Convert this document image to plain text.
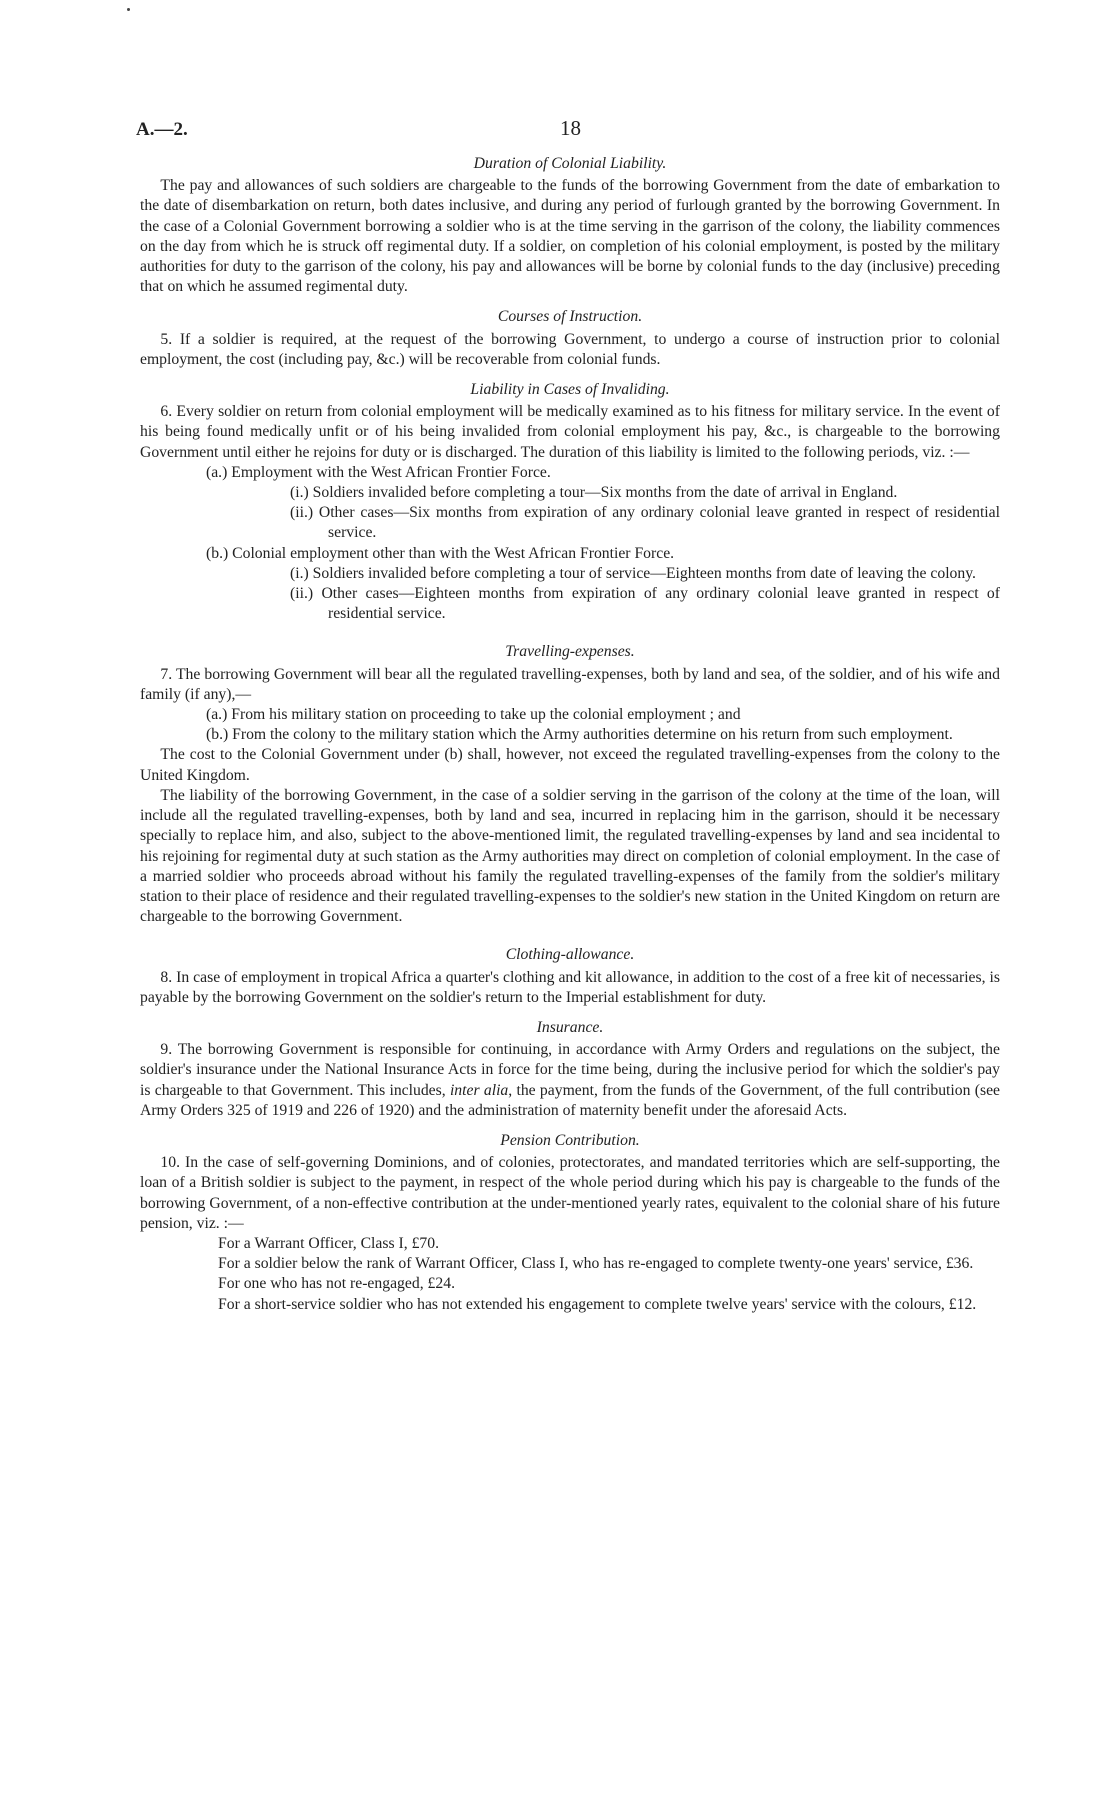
A.—2.	18
Duration of Colonial Liability.

The pay and allowances of such soldiers are chargeable to the funds of the borrowing Government from the date of embarkation to the date of disembarkation on return, both dates inclusive, and during any period of furlough granted by the borrowing Government. In the case of a Colonial Government borrowing a soldier who is at the time serving in the garrison of the colony, the liability commences on the day from which he is struck off regimental duty. If a soldier, on completion of his colonial employment, is posted by the military authorities for duty to the garrison of the colony, his pay and allowances will be borne by colonial funds to the day (inclusive) preceding that on which he assumed regimental duty.

Courses of Instruction.

5. If a soldier is required, at the request of the borrowing Government, to undergo a course of instruction prior to colonial employment, the cost (including pay, &c.) will be recoverable from colonial funds.

Liability in Cases of Invaliding.

6. Every soldier on return from colonial employment will be medically examined as to his fitness for military service. In the event of his being found medically unfit or of his being invalided from colonial employment his pay, &c., is chargeable to the borrowing Government until either he rejoins for duty or is discharged. The duration of this liability is limited to the following periods, viz. :—

(a.) Employment with the West African Frontier Force.

(i.) Soldiers invalided before completing a tour—Six months from the date of arrival in England.

(ii.) Other cases—Six months from expiration of any ordinary colonial leave granted in respect of residential service.

(b.) Colonial employment other than with the West African Frontier Force.

(i.) Soldiers invalided before completing a tour of service—Eighteen months from date of leaving the colony.

(ii.) Other cases—Eighteen months from expiration of any ordinary colonial leave granted in respect of residential service.

Travelling-expenses.

7. The borrowing Government will bear all the regulated travelling-expenses, both by land and sea, of the soldier, and of his wife and family (if any),—

(a.) From his military station on proceeding to take up the colonial employment ; and

(b.) From the colony to the military station which the Army authorities determine on his return from such employment.

The cost to the Colonial Government under (b) shall, however, not exceed the regulated travelling-expenses from the colony to the United Kingdom.

The liability of the borrowing Government, in the case of a soldier serving in the garrison of the colony at the time of the loan, will include all the regulated travelling-expenses, both by land and sea, incurred in replacing him in the garrison, should it be necessary specially to replace him, and also, subject to the above-mentioned limit, the regulated travelling-expenses by land and sea incidental to his rejoining for regimental duty at such station as the Army authorities may direct on completion of colonial employment. In the case of a married soldier who proceeds abroad without his family the regulated travelling-expenses of the family from the soldier's military station to their place of residence and their regulated travelling-expenses to the soldier's new station in the United Kingdom on return are chargeable to the borrowing Government.

Clothing-allowance.

8. In case of employment in tropical Africa a quarter's clothing and kit allowance, in addition to the cost of a free kit of necessaries, is payable by the borrowing Government on the soldier's return to the Imperial establishment for duty.

Insurance.

9. The borrowing Government is responsible for continuing, in accordance with Army Orders and regulations on the subject, the soldier's insurance under the National Insurance Acts in force for the time being, during the inclusive period for which the soldier's pay is chargeable to that Government. This includes, inter alia, the payment, from the funds of the Government, of the full contribution (see Army Orders 325 of 1919 and 226 of 1920) and the administration of maternity benefit under the aforesaid Acts.

Pension Contribution.

10. In the case of self-governing Dominions, and of colonies, protectorates, and mandated territories which are self-supporting, the loan of a British soldier is subject to the payment, in respect of the whole period during which his pay is chargeable to the funds of the borrowing Government, of a non-effective contribution at the under-mentioned yearly rates, equivalent to the colonial share of his future pension, viz. :—

For a Warrant Officer, Class I, £70.

For a soldier below the rank of Warrant Officer, Class I, who has re-engaged to complete twenty-one years' service, £36.

For one who has not re-engaged, £24.

For a short-service soldier who has not extended his engagement to complete twelve years' service with the colours, £12.
